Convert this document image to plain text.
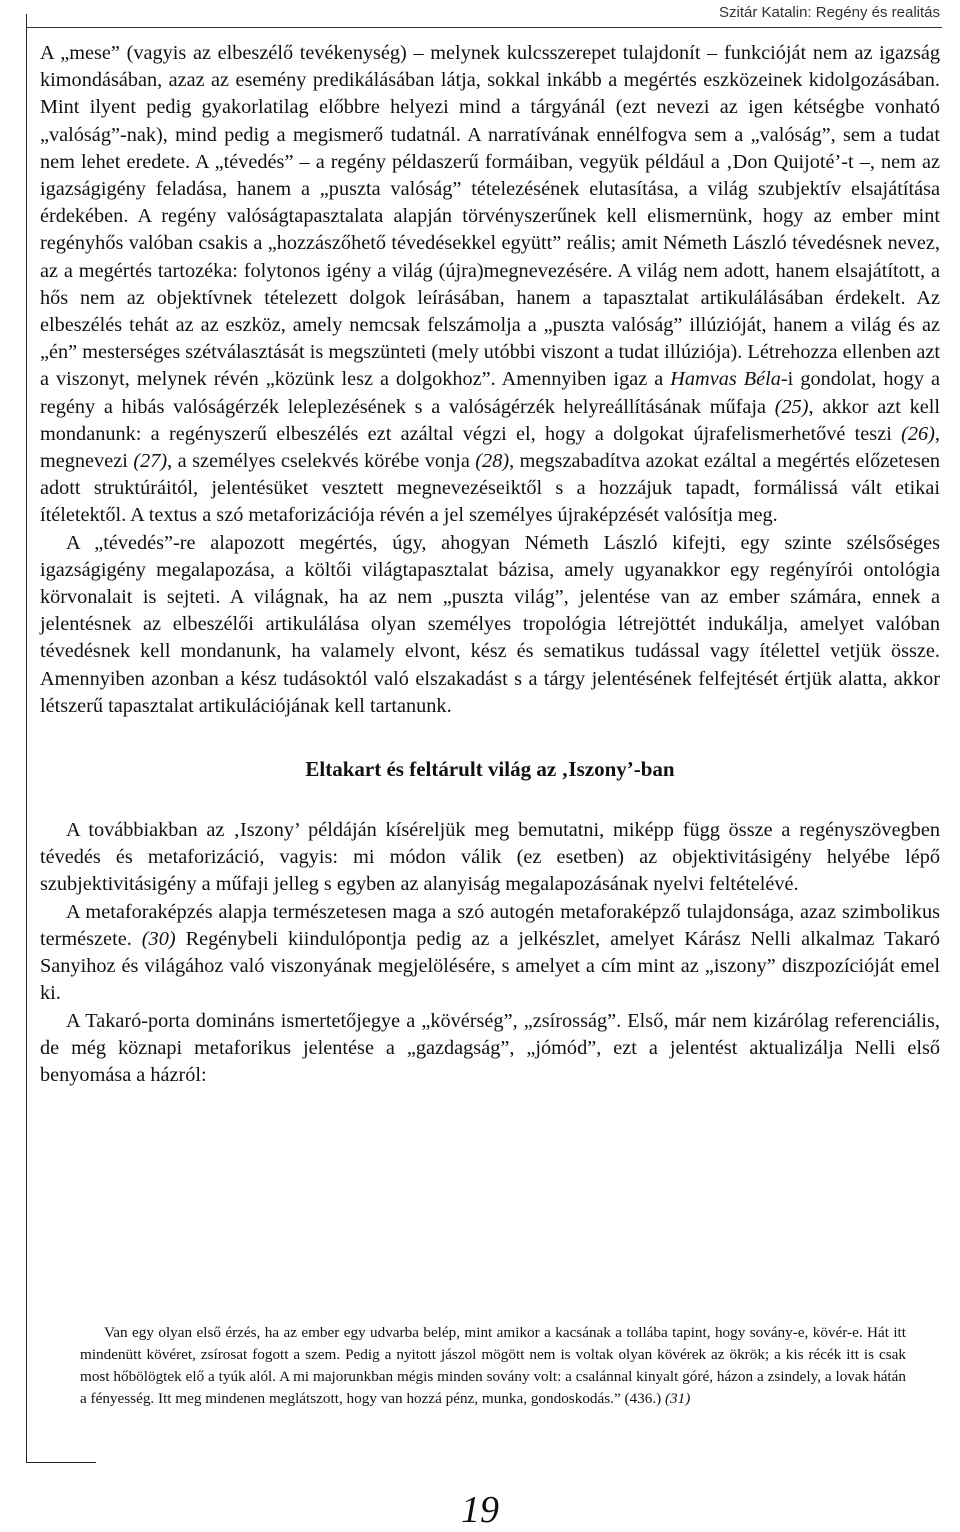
Szitár Katalin: Regény és realitás

A „mese” (vagyis az elbeszélő tevékenység) – melynek kulcsszerepet tulajdonít – funkcióját nem az igazság kimondásában, azaz az esemény predikálásában látja, sokkal inkább a megértés eszközeinek kidolgozásában. Mint ilyent pedig gyakorlatilag előbbre helyezi mind a tárgyánál (ezt nevezi az igen kétségbe vonható „valóság”-nak), mind pedig a megismerő tudatnál. A narratívának ennélfogva sem a „valóság”, sem a tudat nem lehet eredete. A „tévedés” – a regény példaszerű formáiban, vegyük például a ‚Don Quijoté’-t –, nem az igazságigény feladása, hanem a „puszta valóság” tételezésének elutasítása, a világ szubjektív elsajátítása érdekében. A regény valóságtapasztalata alapján törvényszerűnek kell elismernünk, hogy az ember mint regényhős valóban csakis a „hozzászőhető tévedésekkel együtt” reális; amit Németh László tévedésnek nevez, az a megértés tartozéka: folytonos igény a világ (újra)megnevezésére. A világ nem adott, hanem elsajátított, a hős nem az objektívnek tételezett dolgok leírásában, hanem a tapasztalat artikulálásában érdekelt. Az elbeszélés tehát az az eszköz, amely nemcsak felszámolja a „puszta valóság” illúzióját, hanem a világ és az „én” mesterséges szétválasztását is megszünteti (mely utóbbi viszont a tudat illúziója). Létrehozza ellenben azt a viszonyt, melynek révén „közünk lesz a dolgokhoz”. Amennyiben igaz a Hamvas Béla-i gondolat, hogy a regény a hibás valóságérzék leleplezésének s a valóságérzék helyreállításának műfaja (25), akkor azt kell mondanunk: a regényszerű elbeszélés ezt azáltal végzi el, hogy a dolgokat újrafelismerhetővé teszi (26), megnevezi (27), a személyes cselekvés körébe vonja (28), megszabadítva azokat ezáltal a megértés előzetesen adott struktúráitól, jelentésüket vesztett megnevezéseiktől s a hozzájuk tapadt, formálissá vált etikai ítéletektől. A textus a szó metaforizációja révén a jel személyes újraképzését valósítja meg.

A „tévedés”-re alapozott megértés, úgy, ahogyan Németh László kifejti, egy szinte szélsőséges igazságigény megalapozása, a költői világtapasztalat bázisa, amely ugyanakkor egy regényírói ontológia körvonalait is sejteti. A világnak, ha az nem „puszta világ”, jelentése van az ember számára, ennek a jelentésnek az elbeszélői artikulálása olyan személyes tropológia létrejöttét indukálja, amelyet valóban tévedésnek kell mondanunk, ha valamely elvont, kész és sematikus tudással vagy ítélettel vetjük össze. Amennyiben azonban a kész tudásoktól való elszakadást s a tárgy jelentésének felfejtését értjük alatta, akkor létszerű tapasztalat artikulációjának kell tartanunk.

Eltakart és feltárult világ az ‚Iszony’-ban

A továbbiakban az ‚Iszony’ példáján kíséreljük meg bemutatni, miképp függ össze a regényszövegben tévedés és metaforizáció, vagyis: mi módon válik (ez esetben) az objektivitásigény helyébe lépő szubjektivitásigény a műfaji jelleg s egyben az alanyiság megalapozásának nyelvi feltételévé.

A metaforaképzés alapja természetesen maga a szó autogén metaforaképző tulajdonsága, azaz szimbolikus természete. (30) Regénybeli kiindulópontja pedig az a jelkészlet, amelyet Kárász Nelli alkalmaz Takaró Sanyihoz és világához való viszonyának megjelölésére, s amelyet a cím mint az „iszony” diszpozícióját emel ki.

A Takaró-porta domináns ismertetőjegye a „kövérség”, „zsírosság”. Első, már nem kizárólag referenciális, de még köznapi metaforikus jelentése a „gazdagság”, „jómód”, ezt a jelentést aktualizálja Nelli első benyomása a házról:

Van egy olyan első érzés, ha az ember egy udvarba belép, mint amikor a kacsának a tollába tapint, hogy sovány-e, kövér-e. Hát itt mindenütt kövéret, zsírosat fogott a szem. Pedig a nyitott jászol mögött nem is voltak olyan kövérek az ökrök; a kis récék itt is csak most hőbölögtek elő a tyúk alól. A mi majorunkban mégis minden sovány volt: a csalánnal kinyalt góré, házon a zsindely, a lovak hátán a fényesség. Itt meg mindenen meglátszott, hogy van hozzá pénz, munka, gondoskodás.” (436.) (31)

19
